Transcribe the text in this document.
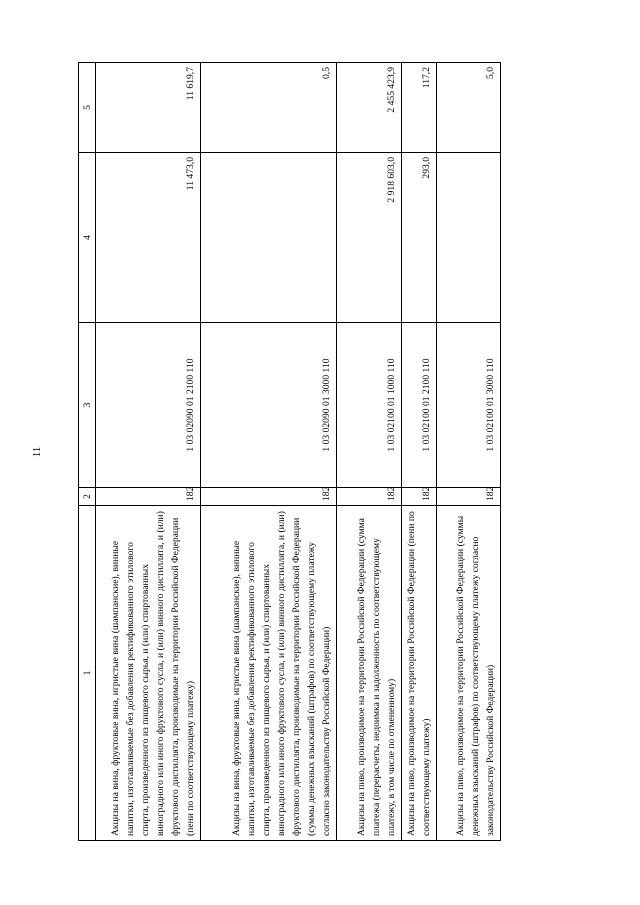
11
1	2	3	4	5
Акцизы на вина, фруктовые вина, игристые вина (шампанские), винные напитки, изготавливаемые без добавления ректификованного этилового спирта, произведенного из пищевого сырья, и (или) спиртованных виноградного или иного фруктового сусла, и (или) винного дистиллята, и (или) фруктового дистиллята, производимые на территории Российской Федерации (пени по соответствующему платежу)	182	1 03 02090 01 2100 110	11 473,0	11 619,7
Акцизы на вина, фруктовые вина, игристые вина (шампанские), винные напитки, изготавливаемые без добавления ректификованного этилового спирта, произведенного из пищевого сырья, и (или) спиртованных виноградного или иного фруктового сусла, и (или) винного дистиллята, и (или) фруктового дистиллята, производимые на территории Российской Федерации (суммы денежных взысканий (штрафов) по соответствующему платежу согласно законодательству Российской Федерации)	182	1 03 02090 01 3000 110		0,5
Акцизы на пиво, производимое на территории Российской Федерации (сумма платежа (перерасчеты, недоимка и задолженность по соответствующему платежу, в том числе по отмененному)	182	1 03 02100 01 1000 110	2 918 603,0	2 455 423,9
Акцизы на пиво, производимое на территории Российской Федерации (пени по соответствующему платежу)	182	1 03 02100 01 2100 110	293,0	117,2
Акцизы на пиво, производимое на территории Российской Федерации (суммы денежных взысканий (штрафов) по соответствующему платежу согласно законодательству Российской Федерации)	182	1 03 02100 01 3000 110		5,0
